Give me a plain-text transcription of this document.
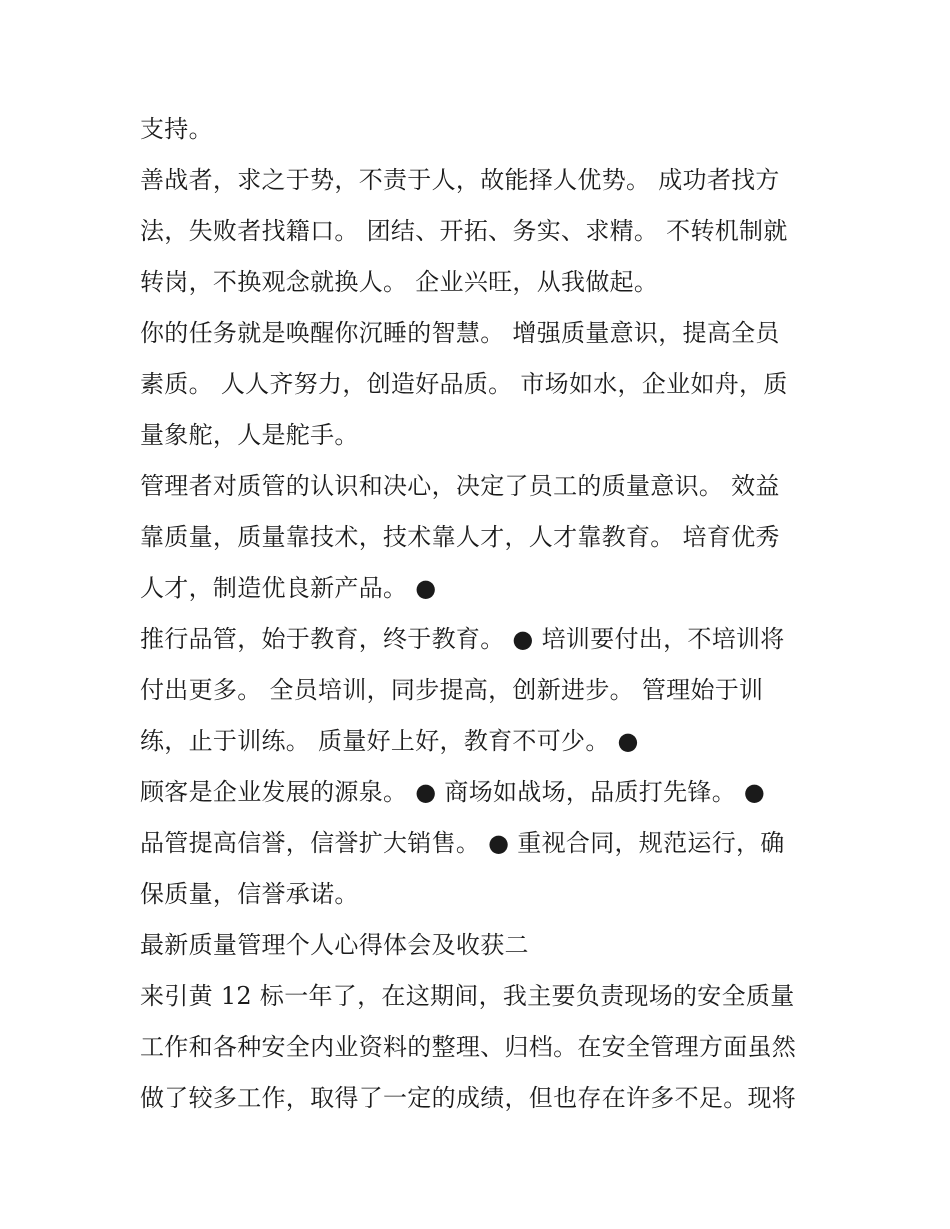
支持。
善战者，求之于势，不责于人，故能择人优势。 成功者找方
法，失败者找籍口。 团结、开拓、务实、求精。 不转机制就
转岗，不换观念就换人。 企业兴旺，从我做起。
你的任务就是唤醒你沉睡的智慧。 增强质量意识，提高全员
素质。 人人齐努力，创造好品质。 市场如水，企业如舟，质
量象舵，人是舵手。
管理者对质管的认识和决心，决定了员工的质量意识。 效益
靠质量，质量靠技术，技术靠人才，人才靠教育。 培育优秀
人才，制造优良新产品。 ●
推行品管，始于教育，终于教育。 ● 培训要付出，不培训将
付出更多。 全员培训，同步提高，创新进步。 管理始于训
练，止于训练。 质量好上好，教育不可少。 ●
顾客是企业发展的源泉。 ● 商场如战场，品质打先锋。 ●
品管提高信誉，信誉扩大销售。 ● 重视合同，规范运行，确
保质量，信誉承诺。
最新质量管理个人心得体会及收获二
来引黄 12 标一年了，在这期间，我主要负责现场的安全质量
工作和各种安全内业资料的整理、归档。在安全管理方面虽然
做了较多工作，取得了一定的成绩，但也存在许多不足。现将
